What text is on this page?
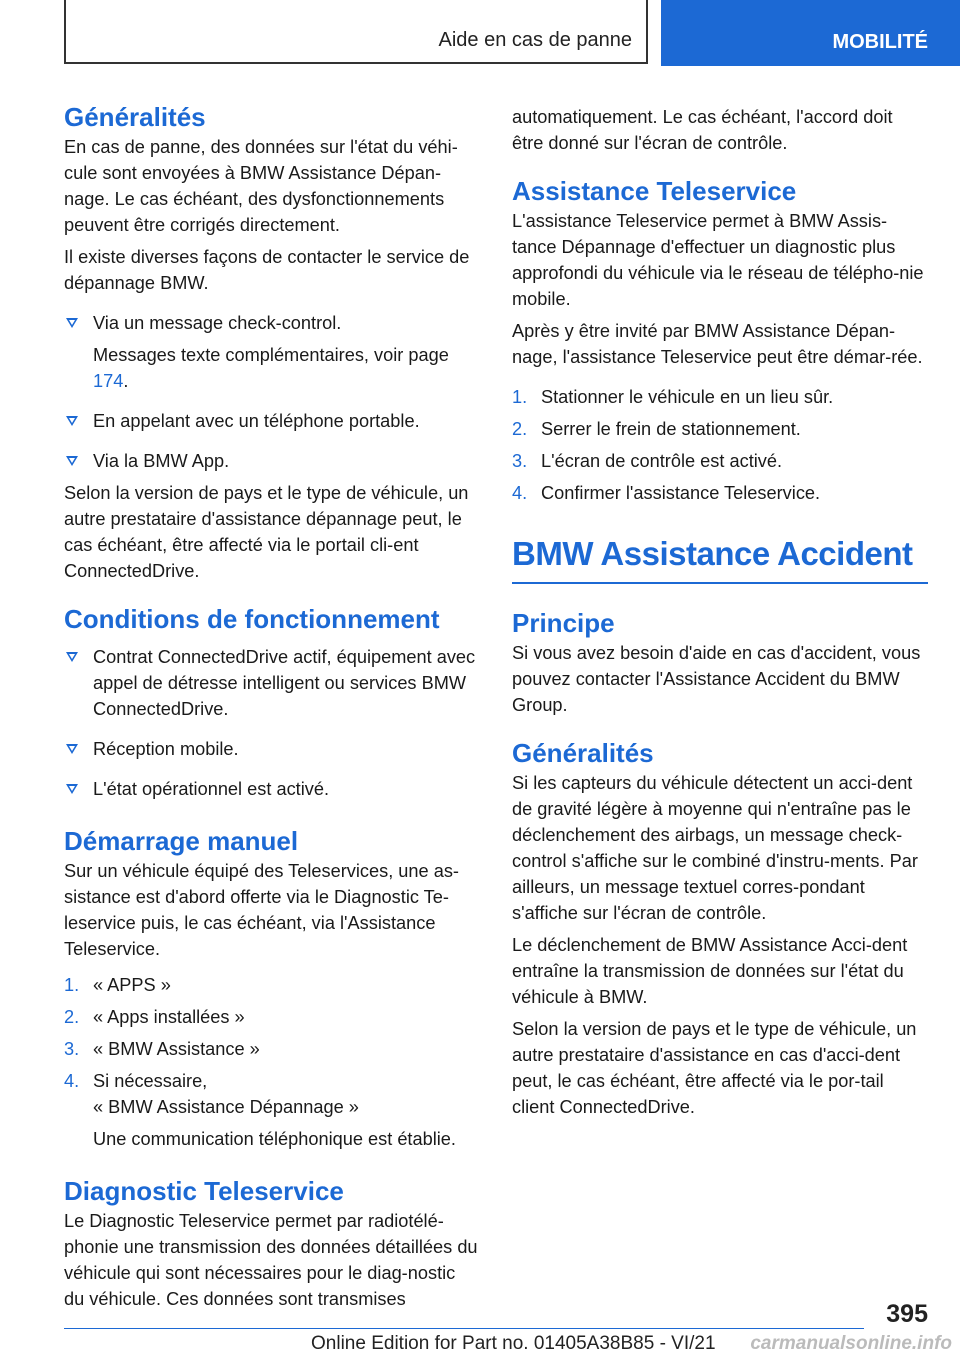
Aide en cas de panne	MOBILITÉ
Généralités

En cas de panne, des données sur l'état du véhi-cule sont envoyées à BMW Assistance Dépan-nage. Le cas échéant, des dysfonctionnements peuvent être corrigés directement.

Il existe diverses façons de contacter le service de dépannage BMW.

Via un message check-control.
Messages texte complémentaires, voir page 174.
En appelant avec un téléphone portable.
Via la BMW App.

Selon la version de pays et le type de véhicule, un autre prestataire d'assistance dépannage peut, le cas échéant, être affecté via le portail cli-ent ConnectedDrive.

Conditions de fonctionnement
Contrat ConnectedDrive actif, équipement avec appel de détresse intelligent ou services BMW ConnectedDrive.
Réception mobile.
L'état opérationnel est activé.
Démarrage manuel

Sur un véhicule équipé des Teleservices, une as-sistance est d'abord offerte via le Diagnostic Te-leservice puis, le cas échéant, via l'Assistance Teleservice.

1. « APPS »
2. « Apps installées »
3. « BMW Assistance »
4. Si nécessaire,
« BMW Assistance Dépannage »
Une communication téléphonique est établie.
Diagnostic Teleservice

Le Diagnostic Teleservice permet par radiotélé-phonie une transmission des données détaillées du véhicule qui sont nécessaires pour le diag-nostic du véhicule. Ces données sont transmises

automatiquement. Le cas échéant, l'accord doit être donné sur l'écran de contrôle.

Assistance Teleservice

L'assistance Teleservice permet à BMW Assis-tance Dépannage d'effectuer un diagnostic plus approfondi du véhicule via le réseau de télépho-nie mobile.

Après y être invité par BMW Assistance Dépan-nage, l'assistance Teleservice peut être démar-rée.

1. Stationner le véhicule en un lieu sûr.
2. Serrer le frein de stationnement.
3. L'écran de contrôle est activé.
4. Confirmer l'assistance Teleservice.
BMW Assistance Accident
Principe

Si vous avez besoin d'aide en cas d'accident, vous pouvez contacter l'Assistance Accident du BMW Group.

Généralités

Si les capteurs du véhicule détectent un acci-dent de gravité légère à moyenne qui n'entraîne pas le déclenchement des airbags, un message check-control s'affiche sur le combiné d'instru-ments. Par ailleurs, un message textuel corres-pondant s'affiche sur l'écran de contrôle.

Le déclenchement de BMW Assistance Acci-dent entraîne la transmission de données sur l'état du véhicule à BMW.

Selon la version de pays et le type de véhicule, un autre prestataire d'assistance en cas d'acci-dent peut, le cas échéant, être affecté via le por-tail client ConnectedDrive.

395
Online Edition for Part no. 01405A38B85 - VI/21 carmanualsonline.info
